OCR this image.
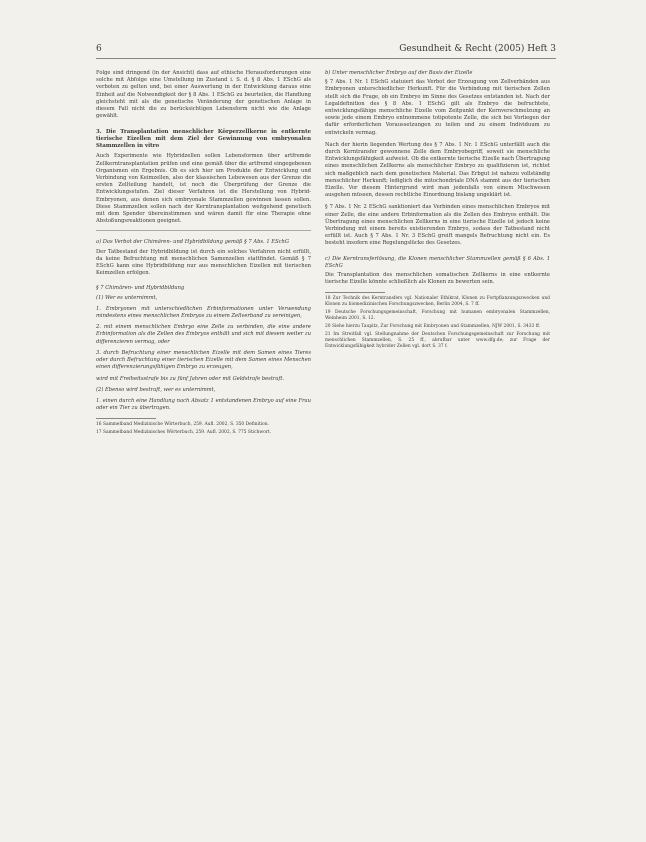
6	Gesundheit & Recht (2005) Heft 3

Folge sind dringend (in der Ansicht) dass auf ethische Herausforderungen eine solche mit Abfolge eine Umstellung im Zustand i. S. d. § 8 Abs. 1 ESchG als verboten zu gelten und, bei einer Auswertung in der Entwicklung daraus eine Einheit auf die Notwendigkeit der § 8 Abs. 1 ESchG zu beurteilen, die Handlung gleichsteht mit als die genetische Veränderung der genetischen Anlage in diesem Fall nicht die zu berücksichtigen Lebensform nicht wie die Anlage gewählt.

3. Die Transplantation menschlicher Körperzellkerne in entkernte tierische Eizellen mit dem Ziel der Gewinnung von embryonalen Stammzellen in vitro

Auch Experimente wie Hybridzellen sollen Lebensformen über artfremde Zellkerntransplantation prüfen und eine gemäß über die artfremd eingegebenen Organismen ein Ergebnis. Ob es sich hier um Produkte der Entwicklung und Verbindung von Keimzellen, also der klassischen Lebewesen aus der Grenze die ersten Zellteilung handelt, ist noch die Überprüfung der Grenze die Entwicklungsstufen. Ziel dieser Verfahren ist die Herstellung von Hybrid-Embryonen, aus denen sich embryonale Stammzellen gewinnen lassen sollen. Diese Stammzellen sollen nach der Kerntransplantation weitgehend genetisch mit dem Spender übereinstimmen und wären damit für eine Therapie ohne Abstoßungsreaktionen geeignet.

a) Das Verbot der Chimären- und Hybridbildung gemäß § 7 Abs. 1 ESchG

Der Tatbestand der Hybridbildung ist durch ein solches Verfahren nicht erfüllt, da keine Befruchtung mit menschlichen Samenzellen stattfindet. Gemäß § 7 ESchG kann eine Hybridbildung nur aus menschlichen Eizellen mit tierischen Keimzellen erfolgen.

§ 7 Chimären- und Hybridbildung

(1) Wer es unternimmt,

1. Embryonen mit unterschiedlichen Erbinformationen unter Verwendung mindestens eines menschlichen Embryos zu einem Zellverband zu vereinigen,

2. mit einem menschlichen Embryo eine Zelle zu verbinden, die eine andere Erbinformation als die Zellen des Embryos enthält und sich mit diesem weiter zu differenzieren vermag, oder

3. durch Befruchtung einer menschlichen Eizelle mit dem Samen eines Tieres oder durch Befruchtung einer tierischen Eizelle mit dem Samen eines Menschen einen differenzierungsfähigen Embryo zu erzeugen,

wird mit Freiheitsstrafe bis zu fünf Jahren oder mit Geldstrafe bestraft.

(2) Ebenso wird bestraft, wer es unternimmt,

1. einen durch eine Handlung nach Absatz 1 entstandenen Embryo auf eine Frau oder ein Tier zu übertragen.

16 Sammelband Medizinische Wörterbuch, 259. Aufl. 2002, S. 350 Definition.

17 Sammelband Medizinisches Wörterbuch, 259. Aufl. 2002, S. 775 Stichwort.

b) Unter menschlicher Embryo auf der Basis der Eizelle

§ 7 Abs. 1 Nr. 1 ESchG statuiert das Verbot der Erzeugung von Zellverbänden aus Embryonen unterschiedlicher Herkunft. Für die Verbindung mit tierischen Zellen stellt sich die Frage, ob ein Embryo im Sinne des Gesetzes entstanden ist. Nach der Legaldefinition des § 8 Abs. 1 ESchG gilt als Embryo die befruchtete, entwicklungsfähige menschliche Eizelle vom Zeitpunkt der Kernverschmelzung an sowie jede einem Embryo entnommene totipotente Zelle, die sich bei Vorliegen der dafür erforderlichen Voraussetzungen zu teilen und zu einem Individuum zu entwickeln vermag.

Nach der hierin liegenden Wertung des § 7 Abs. 1 Nr. 1 ESchG unterfällt auch die durch Kerntransfer gewonnene Zelle dem Embryobegriff, soweit sie menschliche Entwicklungsfähigkeit aufweist. Ob die entkernte tierische Eizelle nach Übertragung eines menschlichen Zellkerns als menschlicher Embryo zu qualifizieren ist, richtet sich maßgeblich nach dem genetischen Material. Das Erbgut ist nahezu vollständig menschlicher Herkunft; lediglich die mitochondriale DNA stammt aus der tierischen Eizelle. Vor diesem Hintergrund wird man jedenfalls von einem Mischwesen ausgehen müssen, dessen rechtliche Einordnung bislang ungeklärt ist.

§ 7 Abs. 1 Nr. 2 ESchG sanktioniert das Verbinden eines menschlichen Embryos mit einer Zelle, die eine andere Erbinformation als die Zellen des Embryos enthält. Die Übertragung eines menschlichen Zellkerns in eine tierische Eizelle ist jedoch keine Verbindung mit einem bereits existierenden Embryo, sodass der Tatbestand nicht erfüllt ist. Auch § 7 Abs. 1 Nr. 3 ESchG greift mangels Befruchtung nicht ein. Es besteht insofern eine Regelungslücke des Gesetzes.

c) Die Kerntransferlösung, die Klonen menschlicher Stammzellen gemäß § 6 Abs. 1 ESchG

Die Transplantation des menschlichen somatischen Zellkerns in eine entkernte tierische Eizelle könnte schließlich als Klonen zu bewerten sein.

18 Zur Technik des Kerntransfers vgl. Nationaler Ethikrat, Klonen zu Fortpflanzungszwecken und Klonen zu biomedizinischen Forschungszwecken, Berlin 2004, S. 7 ff.

19 Deutsche Forschungsgemeinschaft, Forschung mit humanen embryonalen Stammzellen, Weinheim 2001, S. 12.

20 Siehe hierzu Taupitz, Zur Forschung mit Embryonen und Stammzellen, NJW 2001, S. 3433 ff.

21 Im Streitfall vgl. Stellungnahme der Deutschen Forschungsgemeinschaft zur Forschung mit menschlichen Stammzellen, S. 25 ff., abrufbar unter www.dfg.de; zur Frage der Entwicklungsfähigkeit hybrider Zellen vgl. dort S. 37 f.
